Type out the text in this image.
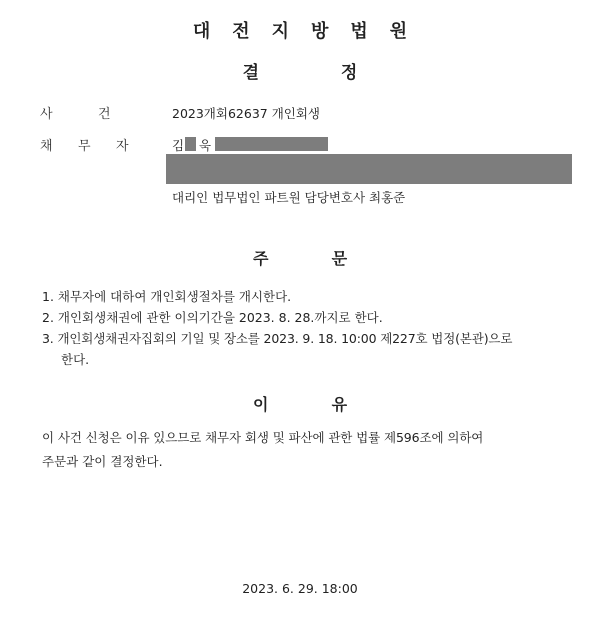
대전지방법원
결	정
사	건	2023개회62637 개인회생
채 무 자	김 욱
대리인 법무법인 파트원 담당변호사 최홍준
주	문
1. 채무자에 대하여 개인회생절차를 개시한다.
2. 개인회생채권에 관한 이의기간을 2023. 8. 28.까지로 한다.
3. 개인회생채권자집회의 기일 및 장소를 2023. 9. 18. 10:00 제227호 법정(본관)으로
한다.
이	유
이 사건 신청은 이유 있으므로 채무자 회생 및 파산에 관한 법률 제596조에 의하여
주문과 같이 결정한다.
2023. 6. 29. 18:00
